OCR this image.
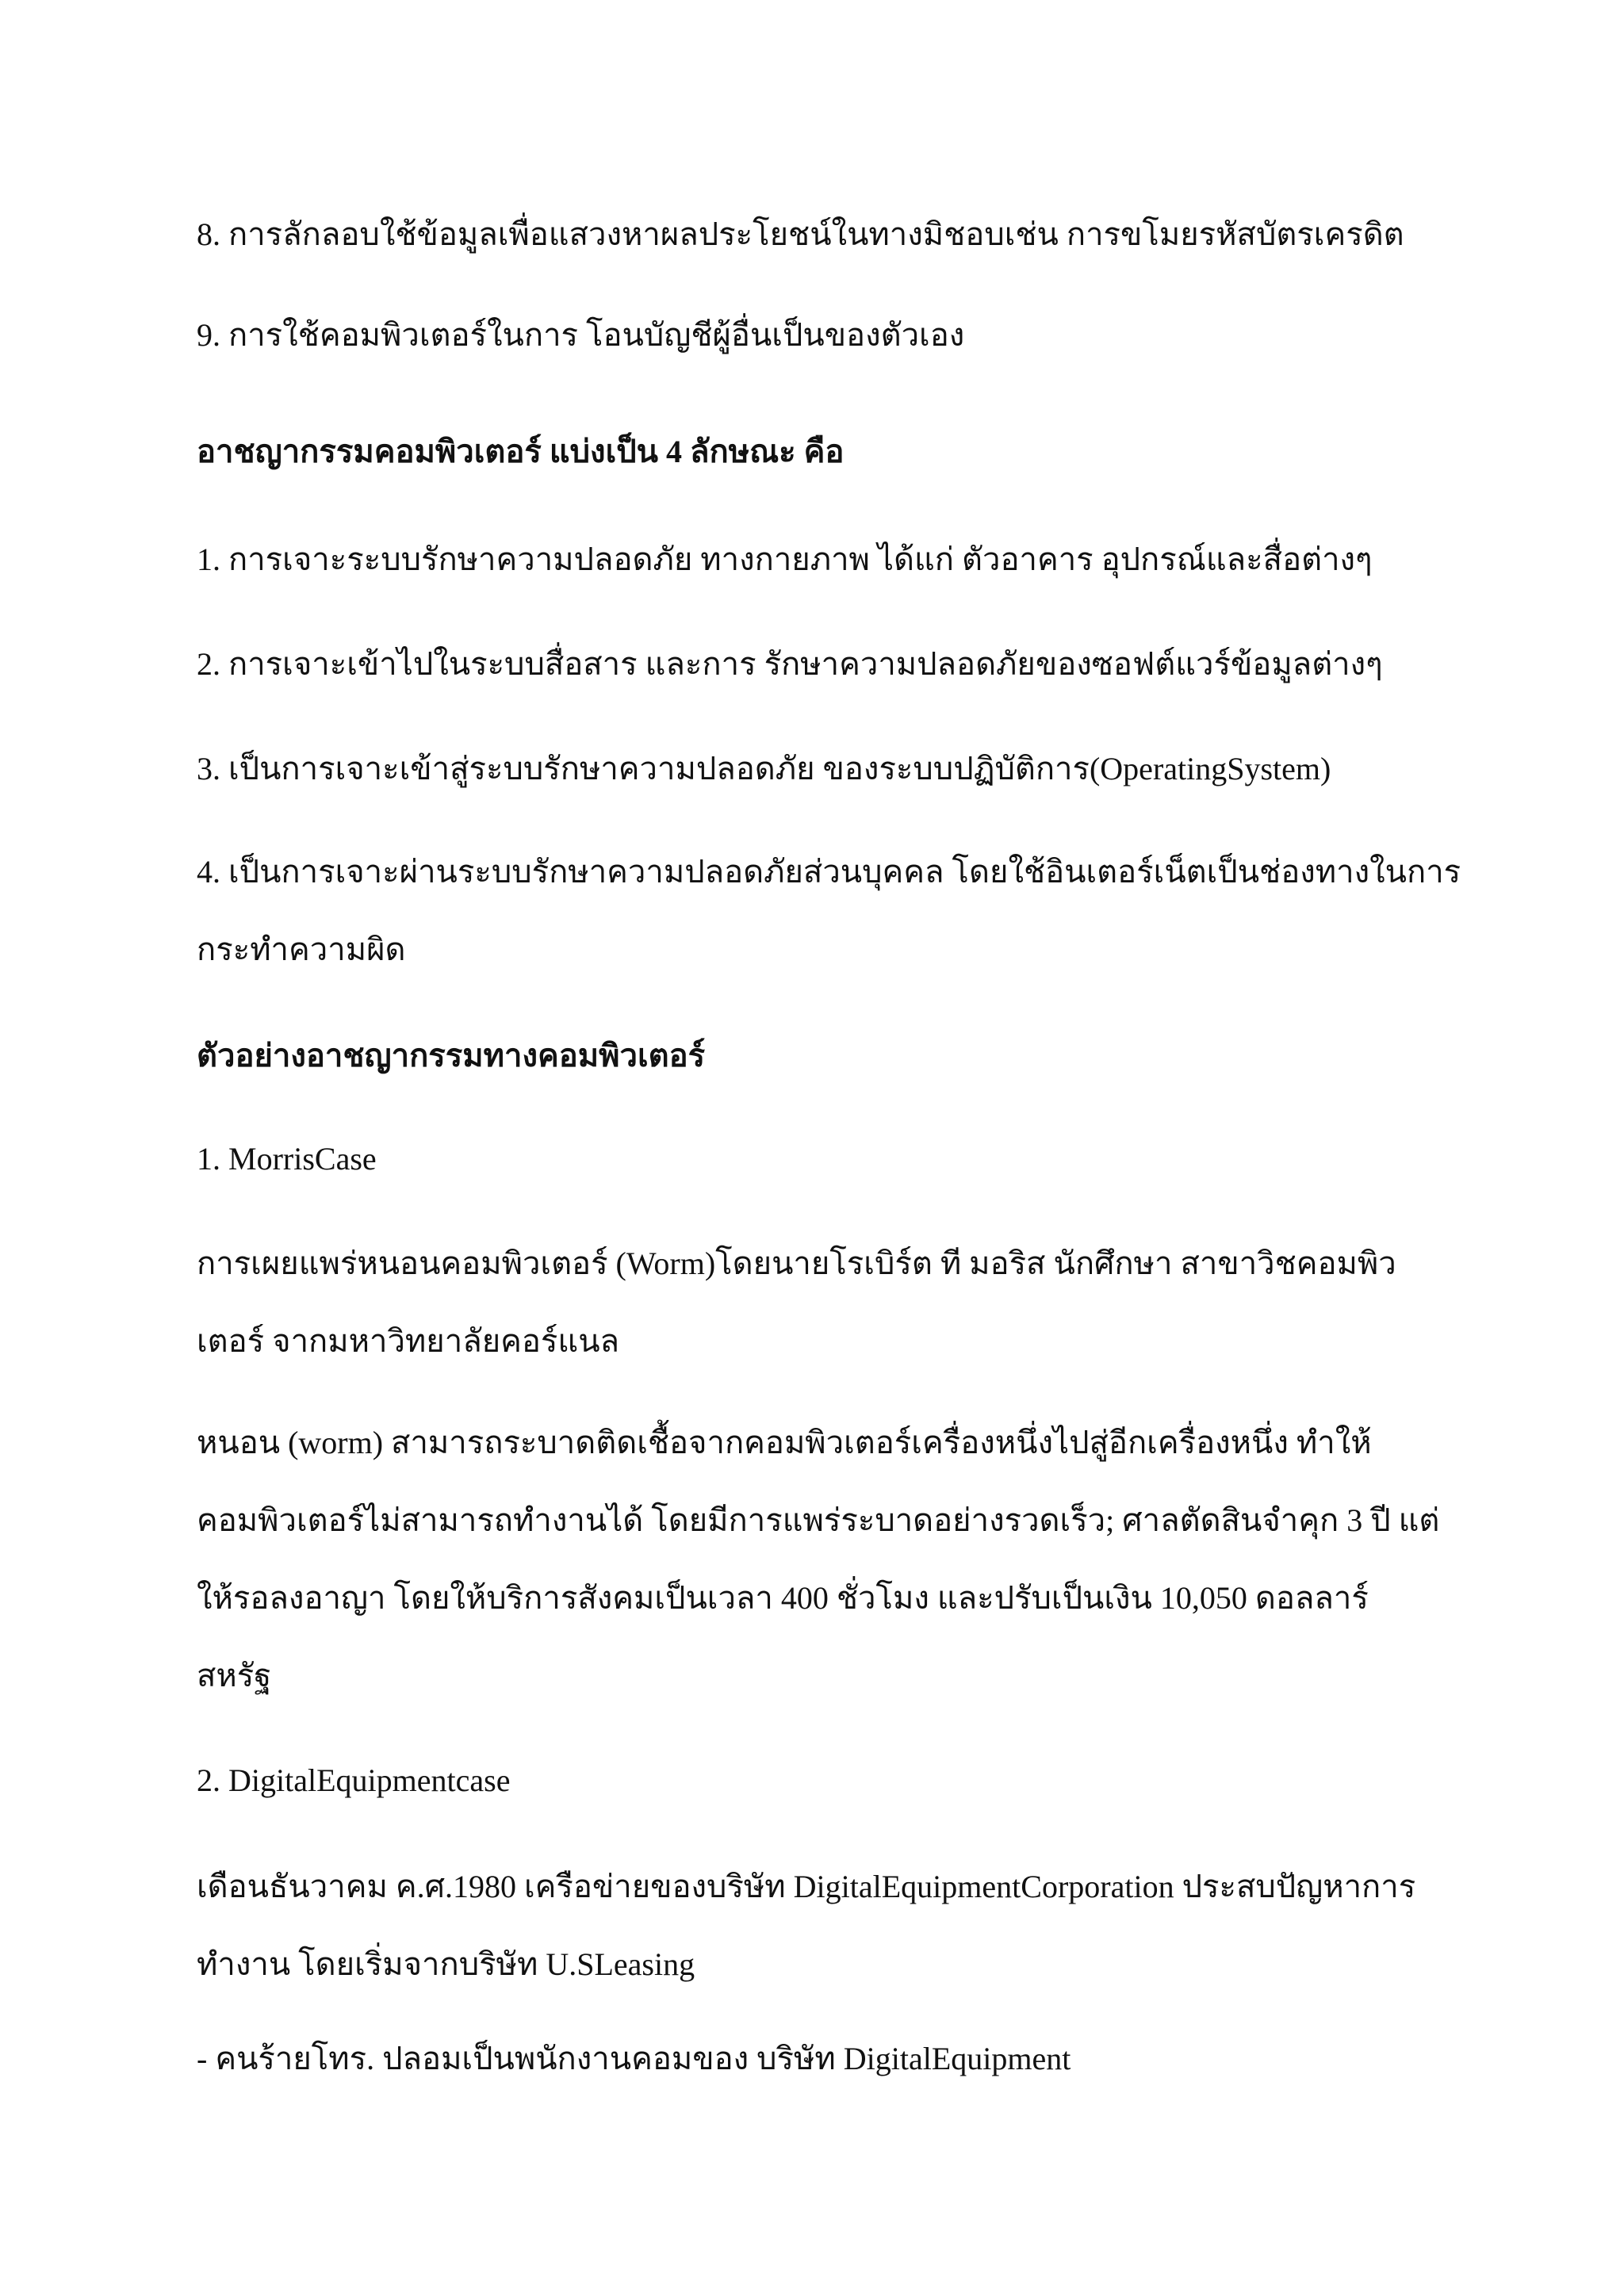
8. การลักลอบใช้ข้อมูลเพื่อแสวงหาผลประโยชน์ในทางมิชอบเช่น การขโมยรหัสบัตรเครดิต
9. การใช้คอมพิวเตอร์ในการ โอนบัญชีผู้อื่นเป็นของตัวเอง
อาชญากรรมคอมพิวเตอร์ แบ่งเป็น 4 ลักษณะ คือ
1. การเจาะระบบรักษาความปลอดภัย ทางกายภาพ ได้แก่ ตัวอาคาร อุปกรณ์และสื่อต่างๆ
2. การเจาะเข้าไปในระบบสื่อสาร และการ รักษาความปลอดภัยของซอฟต์แวร์ข้อมูลต่างๆ
3. เป็นการเจาะเข้าสู่ระบบรักษาความปลอดภัย ของระบบปฏิบัติการ(OperatingSystem)
4. เป็นการเจาะผ่านระบบรักษาความปลอดภัยส่วนบุคคล โดยใช้อินเตอร์เน็ตเป็นช่องทางในการ
กระทำความผิด
ตัวอย่างอาชญากรรมทางคอมพิวเตอร์
1. MorrisCase
การเผยแพร่หนอนคอมพิวเตอร์ (Worm)โดยนายโรเบิร์ต ที มอริส นักศึกษา สาขาวิชคอมพิว
เตอร์ จากมหาวิทยาลัยคอร์แนล
หนอน (worm) สามารถระบาดติดเชื้อจากคอมพิวเตอร์เครื่องหนึ่งไปสู่อีกเครื่องหนึ่ง ทำให้
คอมพิวเตอร์ไม่สามารถทำงานได้ โดยมีการแพร่ระบาดอย่างรวดเร็ว; ศาลตัดสินจำคุก 3 ปี แต่
ให้รอลงอาญา โดยให้บริการสังคมเป็นเวลา 400 ชั่วโมง และปรับเป็นเงิน 10,050 ดอลลาร์
สหรัฐ
2. DigitalEquipmentcase
เดือนธันวาคม ค.ศ.1980 เครือข่ายของบริษัท DigitalEquipmentCorporation ประสบปัญหาการ
ทำงาน โดยเริ่มจากบริษัท U.SLeasing
- คนร้ายโทร. ปลอมเป็นพนักงานคอมของ บริษัท DigitalEquipment
